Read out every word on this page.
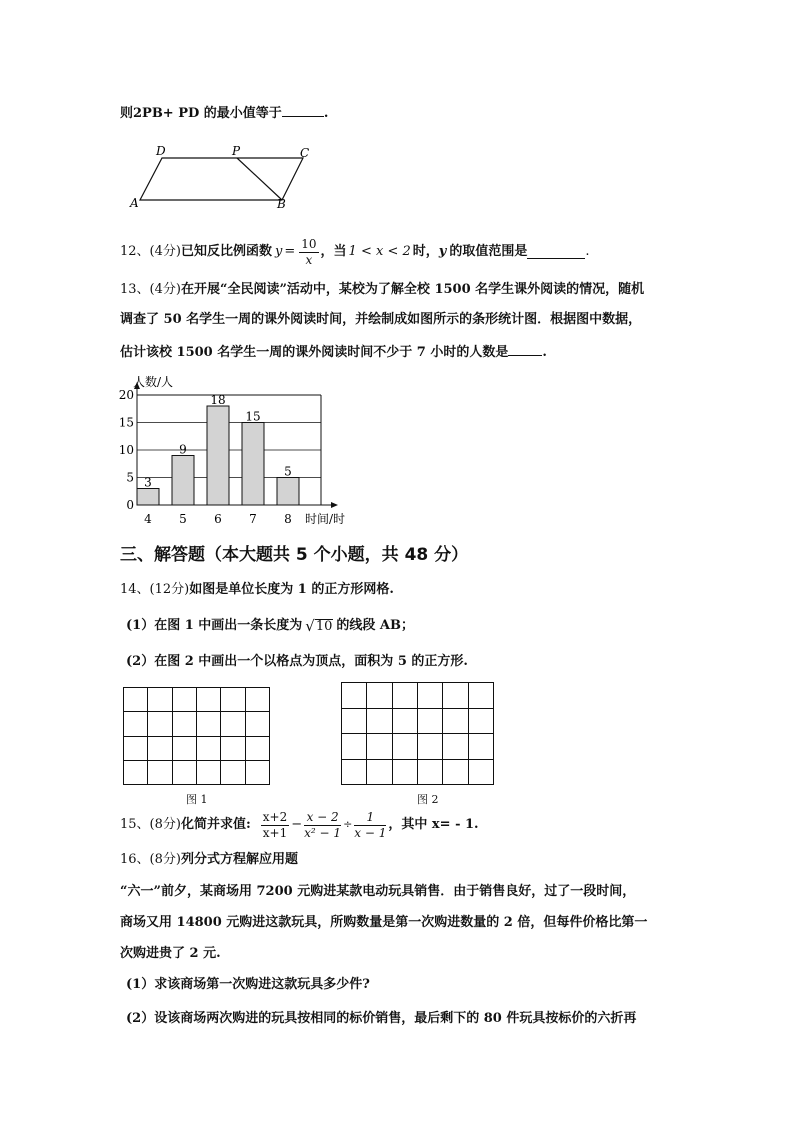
则2PB+ PD 的最小值等于	.
D	P	C
A	B
12、(4分) 已知反比例函数 $y = \frac{10}{x}$ ，当 1 < x < 2 时， y 的取值范围是	.
13、(4分)在开展“全民阅读”活动中，某校为了解全校 1500 名学生课外阅读的情况，随机
调查了 50 名学生一周的课外阅读时间，并绘制成如图所示的条形统计图．根据图中数据，
估计该校 1500 名学生一周的课外阅读时间不少于 7 小时的人数是	.
0
5
10
15
20
3
4
9
5
18
6
15
7
5
8
人数/人
时间/时
三、解答题（本大题共 5 个小题，共 48 分）
14、(12分)如图是单位长度为 1 的正方形网格.
(1）在图 1 中画出一条长度为 √ 10 的线段 AB；
(2）在图 2 中画出一个以格点为顶点，面积为 5 的正方形.

图 1

						图 2
15、(8分) 化简并求值: $\frac{x+2}{x+1} - \frac{x - 2}{\text{x² − 1}} \div \frac{1}{x - 1}$ ，其中 x= - 1.
16、(8分)列分式方程解应用题
“六一”前夕，某商场用 7200 元购进某款电动玩具销售．由于销售良好，过了一段时间，
商场又用 14800 元购进这款玩具，所购数量是第一次购进数量的 2 倍，但每件价格比第一
次购进贵了 2 元.
(1）求该商场第一次购进这款玩具多少件?
(2）设该商场两次购进的玩具按相同的标价销售，最后剩下的 80 件玩具按标价的六折再
